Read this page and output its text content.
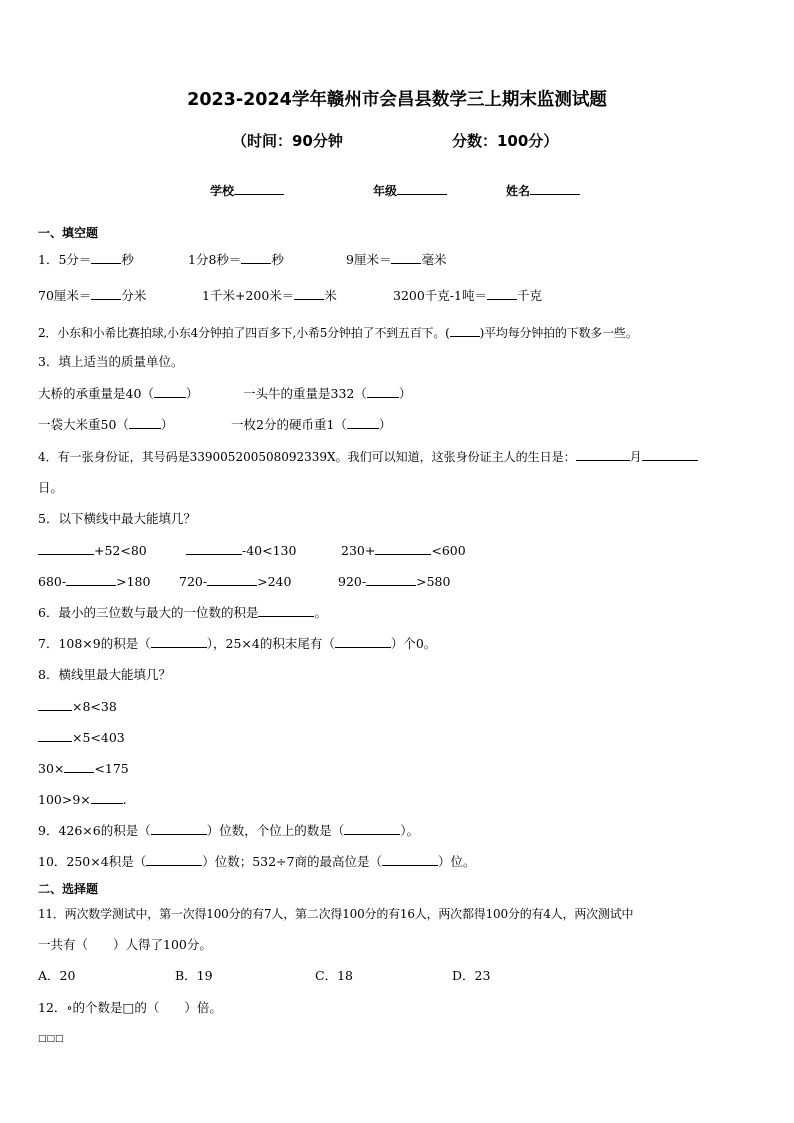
2023-2024学年赣州市会昌县数学三上期末监测试题
（时间：90分钟	分数：100分）
学校	年级	姓名
一、填空题
1．5分＝ 秒	1分8秒＝ 秒	9厘米＝ 毫米
70厘米＝ 分米	1千米+200米＝ 米	3200千克-1吨＝ 千克
2．小东和小希比赛拍球,小东4分钟拍了四百多下,小希5分钟拍了不到五百下。(	)平均每分钟拍的下数多一些。
3．填上适当的质量单位。
大桥的承重量是40（	）	一头牛的重量是332（	）
一袋大米重50（	）	一枚2分的硬币重1（	）
4．有一张身份证，其号码是339005200508092339X。我们可以知道，这张身份证主人的生日是：	月
日。
5．以下横线中最大能填几？
+52<80	-40<130	230+	<600
680-	>180 720-	>240	920-	>580
6．最小的三位数与最大的一位数的积是	。
7．108×9的积是（	），25×4的积末尾有（	）个0。
8．横线里最大能填几？
×8<38
×5<403
30× <175
100>9×	.
9．426×6的积是（	）位数，个位上的数是（	）。
10．250×4积是（	）位数；532÷7商的最高位是（	）位。
二、选择题
11．两次数学测试中，第一次得100分的有7人，第二次得100分的有16人，两次都得100分的有4人，两次测试中
一共有（　　）人得了100分。
A．20	B．19	C．18	D．23
12．∘的个数是□的（　　）倍。
□□□
